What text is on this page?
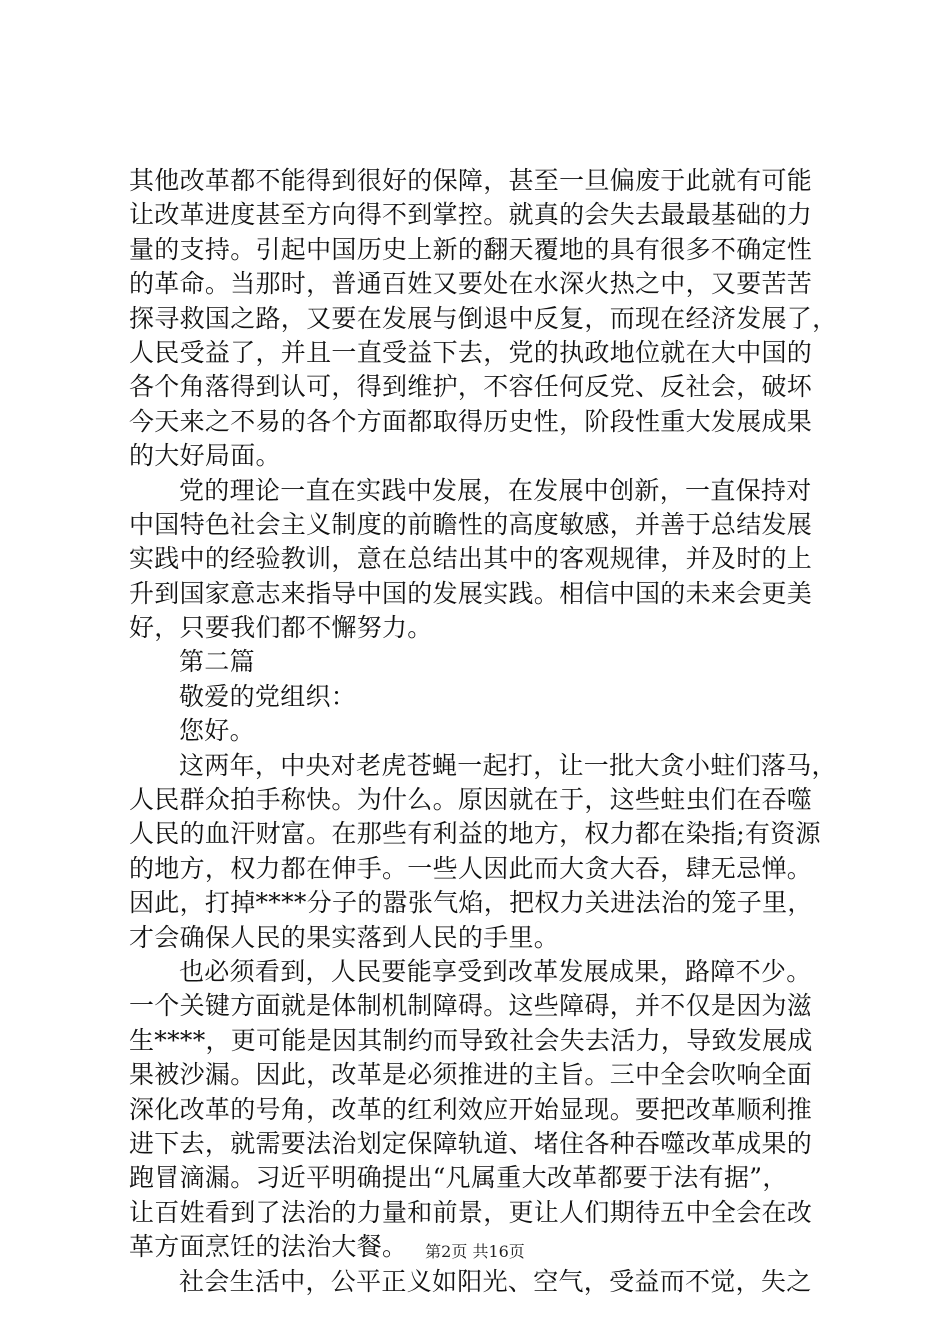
其他改革都不能得到很好的保障，甚至一旦偏废于此就有可能
让改革进度甚至方向得不到掌控。就真的会失去最最基础的力
量的支持。引起中国历史上新的翻天覆地的具有很多不确定性
的革命。当那时，普通百姓又要处在水深火热之中，又要苦苦
探寻救国之路，又要在发展与倒退中反复，而现在经济发展了，
人民受益了，并且一直受益下去，党的执政地位就在大中国的
各个角落得到认可，得到维护，不容任何反党、反社会，破坏
今天来之不易的各个方面都取得历史性，阶段性重大发展成果
的大好局面。
党的理论一直在实践中发展，在发展中创新，一直保持对
中国特色社会主义制度的前瞻性的高度敏感，并善于总结发展
实践中的经验教训，意在总结出其中的客观规律，并及时的上
升到国家意志来指导中国的发展实践。相信中国的未来会更美
好，只要我们都不懈努力。
第二篇
敬爱的党组织：
您好。
这两年，中央对老虎苍蝇一起打，让一批大贪小蛀们落马，
人民群众拍手称快。为什么。原因就在于，这些蛀虫们在吞噬
人民的血汗财富。在那些有利益的地方，权力都在染指;有资源
的地方，权力都在伸手。一些人因此而大贪大吞，肆无忌惮。
因此，打掉****分子的嚣张气焰，把权力关进法治的笼子里，
才会确保人民的果实落到人民的手里。
也必须看到，人民要能享受到改革发展成果，路障不少。
一个关键方面就是体制机制障碍。这些障碍，并不仅是因为滋
生****，更可能是因其制约而导致社会失去活力，导致发展成
果被沙漏。因此，改革是必须推进的主旨。三中全会吹响全面
深化改革的号角，改革的红利效应开始显现。要把改革顺利推
进下去，就需要法治划定保障轨道、堵住各种吞噬改革成果的
跑冒滴漏。习近平明确提出“凡属重大改革都要于法有据”，
让百姓看到了法治的力量和前景，更让人们期待五中全会在改
革方面烹饪的法治大餐。
社会生活中，公平正义如阳光、空气，受益而不觉，失之
第2页 共16页
